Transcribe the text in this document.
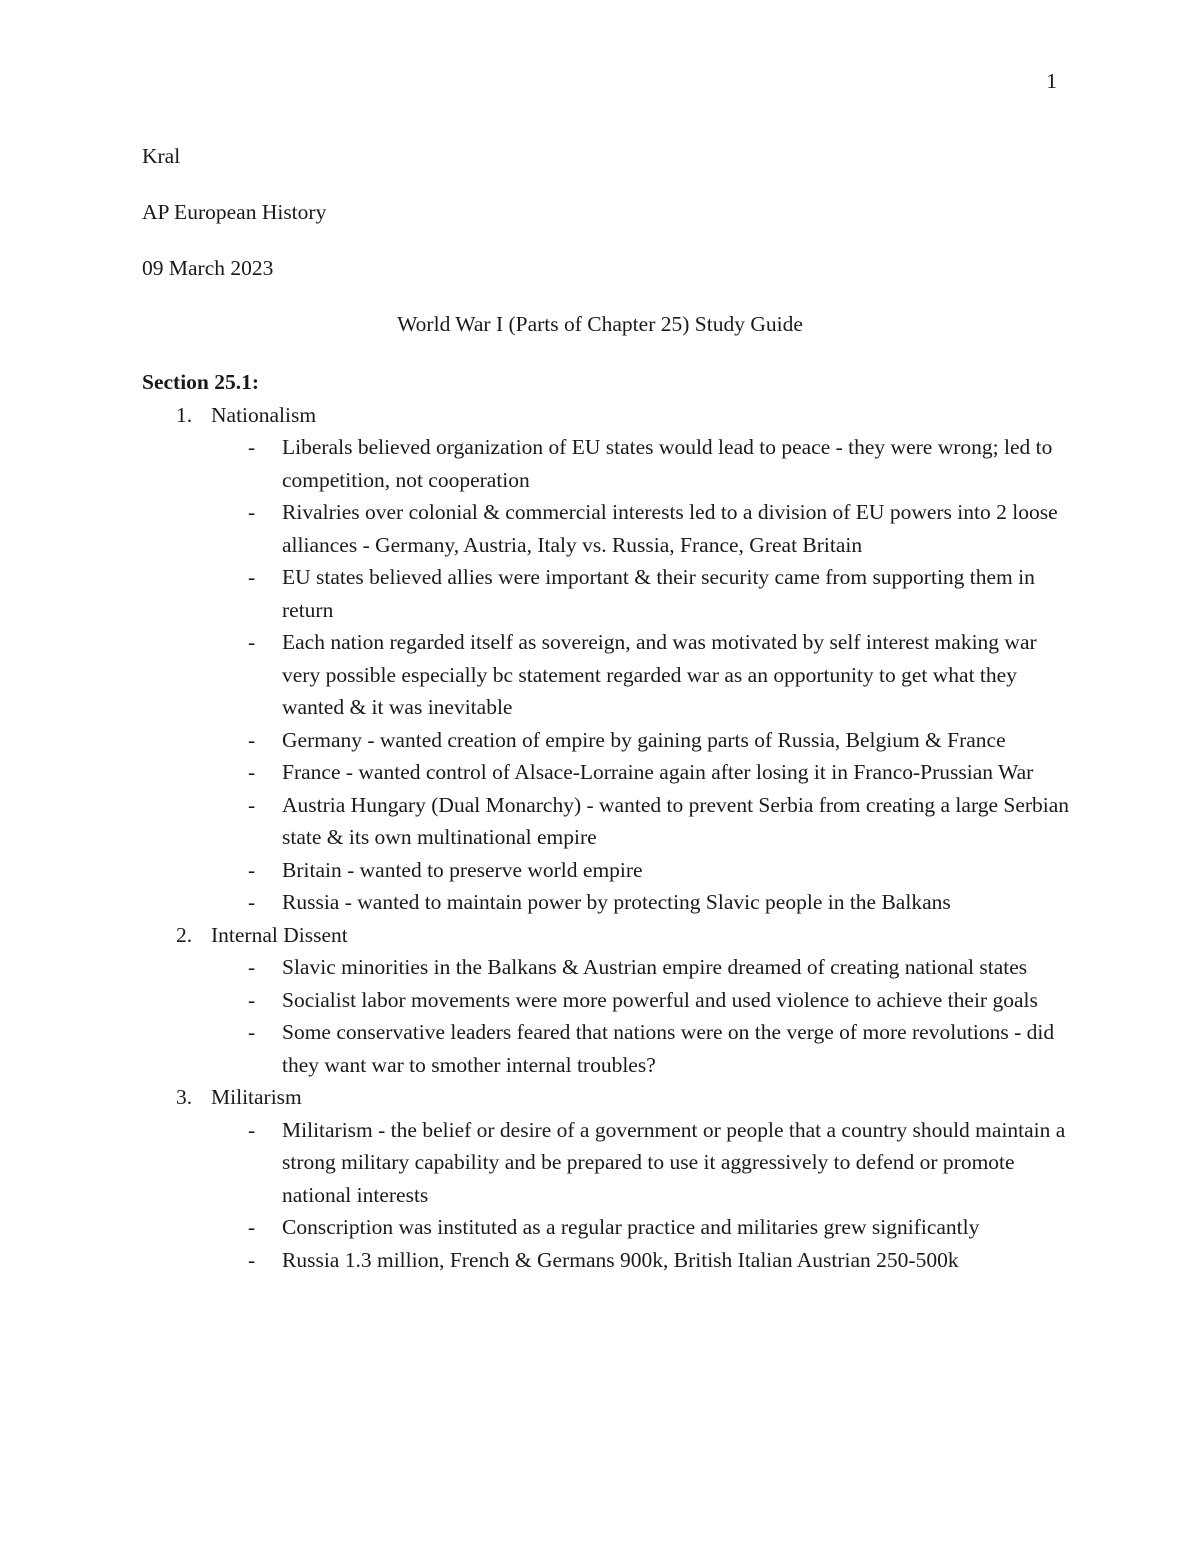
1
Kral
AP European History
09 March 2023
World War I (Parts of Chapter 25) Study Guide
Section 25.1:
1. Nationalism
- Liberals believed organization of EU states would lead to peace - they were wrong; led to competition, not cooperation
- Rivalries over colonial & commercial interests led to a division of EU powers into 2 loose alliances - Germany, Austria, Italy vs. Russia, France, Great Britain
- EU states believed allies were important & their security came from supporting them in return
- Each nation regarded itself as sovereign, and was motivated by self interest making war very possible especially bc statement regarded war as an opportunity to get what they wanted & it was inevitable
- Germany - wanted creation of empire by gaining parts of Russia, Belgium & France
- France - wanted control of Alsace-Lorraine again after losing it in Franco-Prussian War
- Austria Hungary (Dual Monarchy) - wanted to prevent Serbia from creating a large Serbian state & its own multinational empire
- Britain - wanted to preserve world empire
- Russia - wanted to maintain power by protecting Slavic people in the Balkans
2. Internal Dissent
- Slavic minorities in the Balkans & Austrian empire dreamed of creating national states
- Socialist labor movements were more powerful and used violence to achieve their goals
- Some conservative leaders feared that nations were on the verge of more revolutions - did they want war to smother internal troubles?
3. Militarism
- Militarism - the belief or desire of a government or people that a country should maintain a strong military capability and be prepared to use it aggressively to defend or promote national interests
- Conscription was instituted as a regular practice and militaries grew significantly
- Russia 1.3 million, French & Germans 900k, British Italian Austrian 250-500k
